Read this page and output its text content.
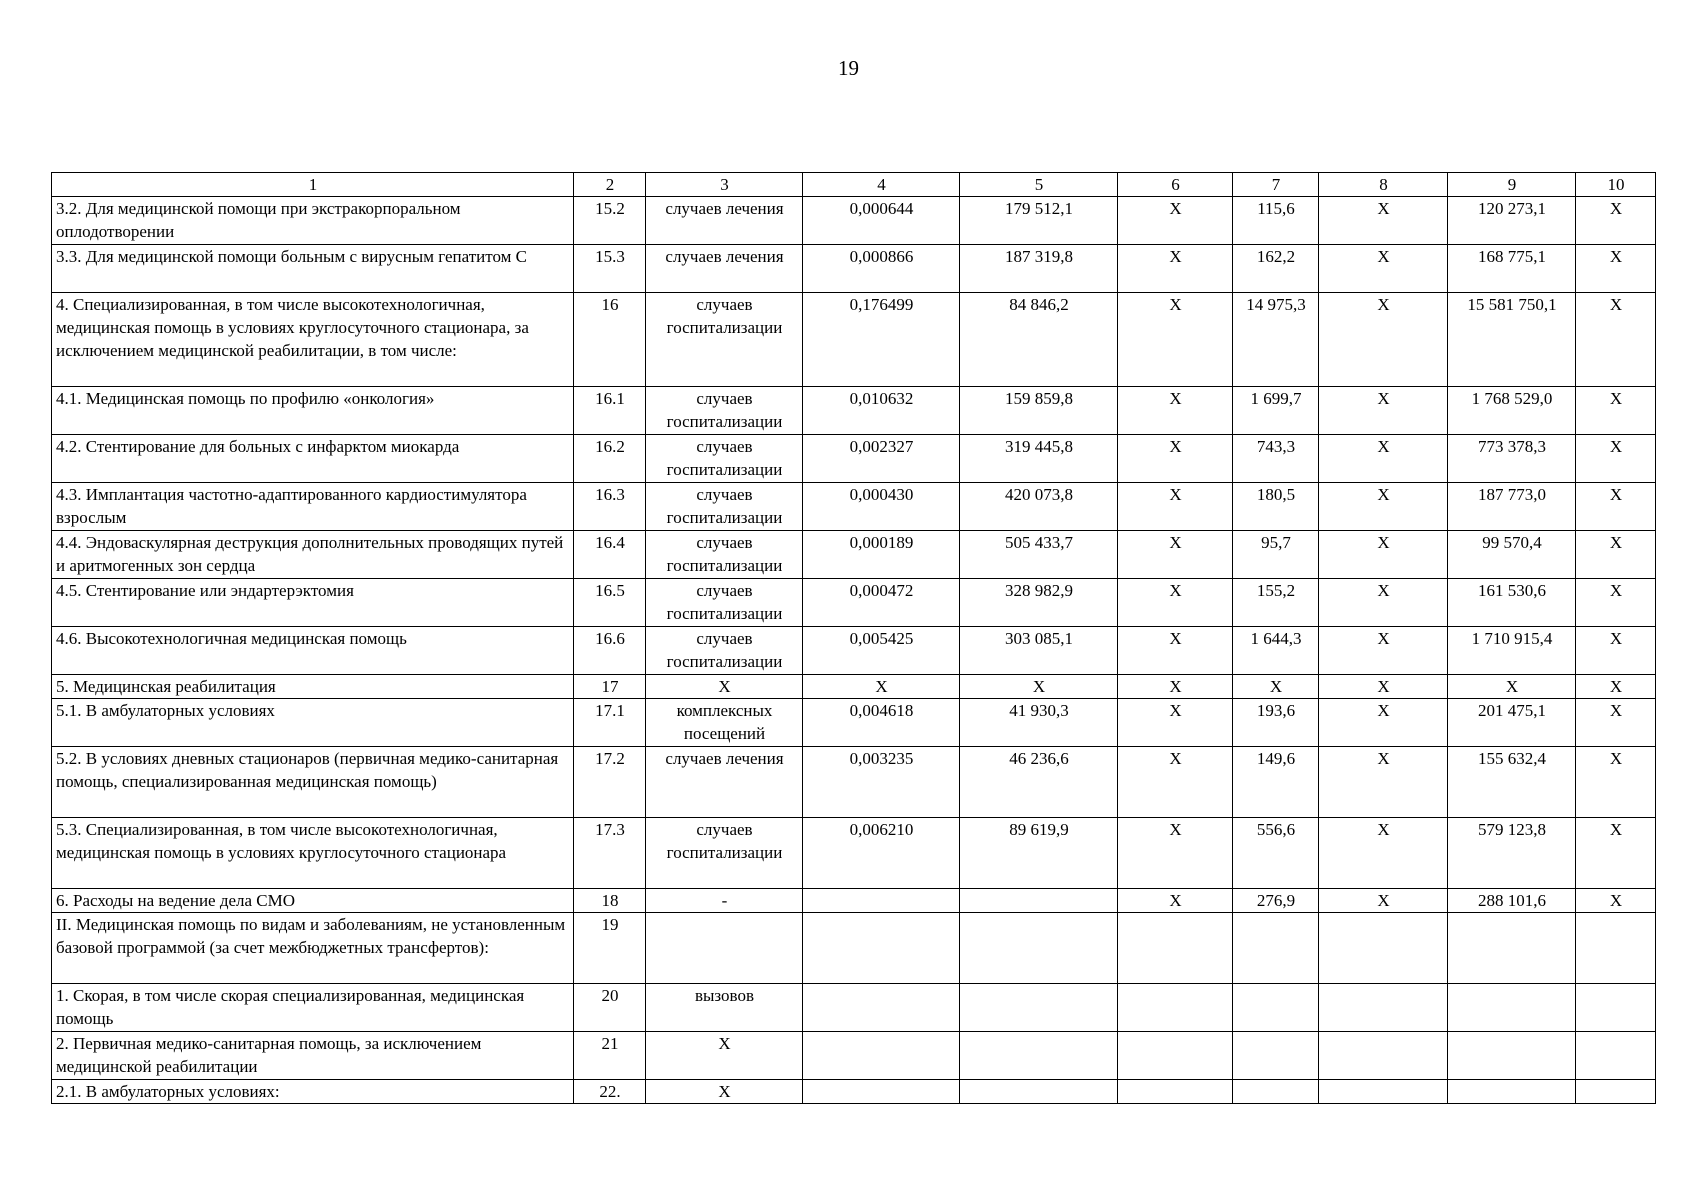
19
1	2	3	4	5	6	7	8	9	10
3.2. Для медицинской помощи при экстракорпоральном оплодотворении	15.2	случаев лечения	0,000644	179 512,1	Х	115,6	Х	120 273,1	Х
3.3. Для медицинской помощи больным с вирусным гепатитом С	15.3	случаев лечения	0,000866	187 319,8	Х	162,2	Х	168 775,1	Х
4. Специализированная, в том числе высокотехнологичная, медицинская помощь в условиях круглосуточного стационара, за исключением медицинской реабилитации, в том числе:	16	случаев госпитализации	0,176499	84 846,2	Х	14 975,3	Х	15 581 750,1	Х
4.1. Медицинская помощь по профилю «онкология»	16.1	случаев госпитализации	0,010632	159 859,8	Х	1 699,7	Х	1 768 529,0	Х
4.2. Стентирование для больных с инфарктом миокарда	16.2	случаев госпитализации	0,002327	319 445,8	Х	743,3	Х	773 378,3	Х
4.3. Имплантация частотно-адаптированного кардиостимулятора взрослым	16.3	случаев госпитализации	0,000430	420 073,8	Х	180,5	Х	187 773,0	Х
4.4. Эндоваскулярная деструкция дополнительных проводящих путей и аритмогенных зон сердца	16.4	случаев госпитализации	0,000189	505 433,7	Х	95,7	Х	99 570,4	Х
4.5. Стентирование или эндартерэктомия	16.5	случаев госпитализации	0,000472	328 982,9	Х	155,2	Х	161 530,6	Х
4.6. Высокотехнологичная медицинская помощь	16.6	случаев госпитализации	0,005425	303 085,1	Х	1 644,3	Х	1 710 915,4	Х
5. Медицинская реабилитация	17	Х	Х	Х	Х	Х	Х	Х	Х
5.1. В амбулаторных условиях	17.1	комплексных посещений	0,004618	41 930,3	Х	193,6	Х	201 475,1	Х
5.2. В условиях дневных стационаров (первичная медико-санитарная помощь, специализированная медицинская помощь)	17.2	случаев лечения	0,003235	46 236,6	Х	149,6	Х	155 632,4	Х
5.3. Специализированная, в том числе высокотехнологичная, медицинская помощь в условиях круглосуточного стационара	17.3	случаев госпитализации	0,006210	89 619,9	Х	556,6	Х	579 123,8	Х
6. Расходы на ведение дела СМО	18	-			Х	276,9	Х	288 101,6	Х
II. Медицинская помощь по видам и заболеваниям, не установленным базовой программой (за счет межбюджетных трансфертов):	19								
1. Скорая, в том числе скорая специализированная, медицинская помощь	20	вызовов							
2. Первичная медико-санитарная помощь, за исключением медицинской реабилитации	21	Х							
2.1. В амбулаторных условиях:	22.	Х							
